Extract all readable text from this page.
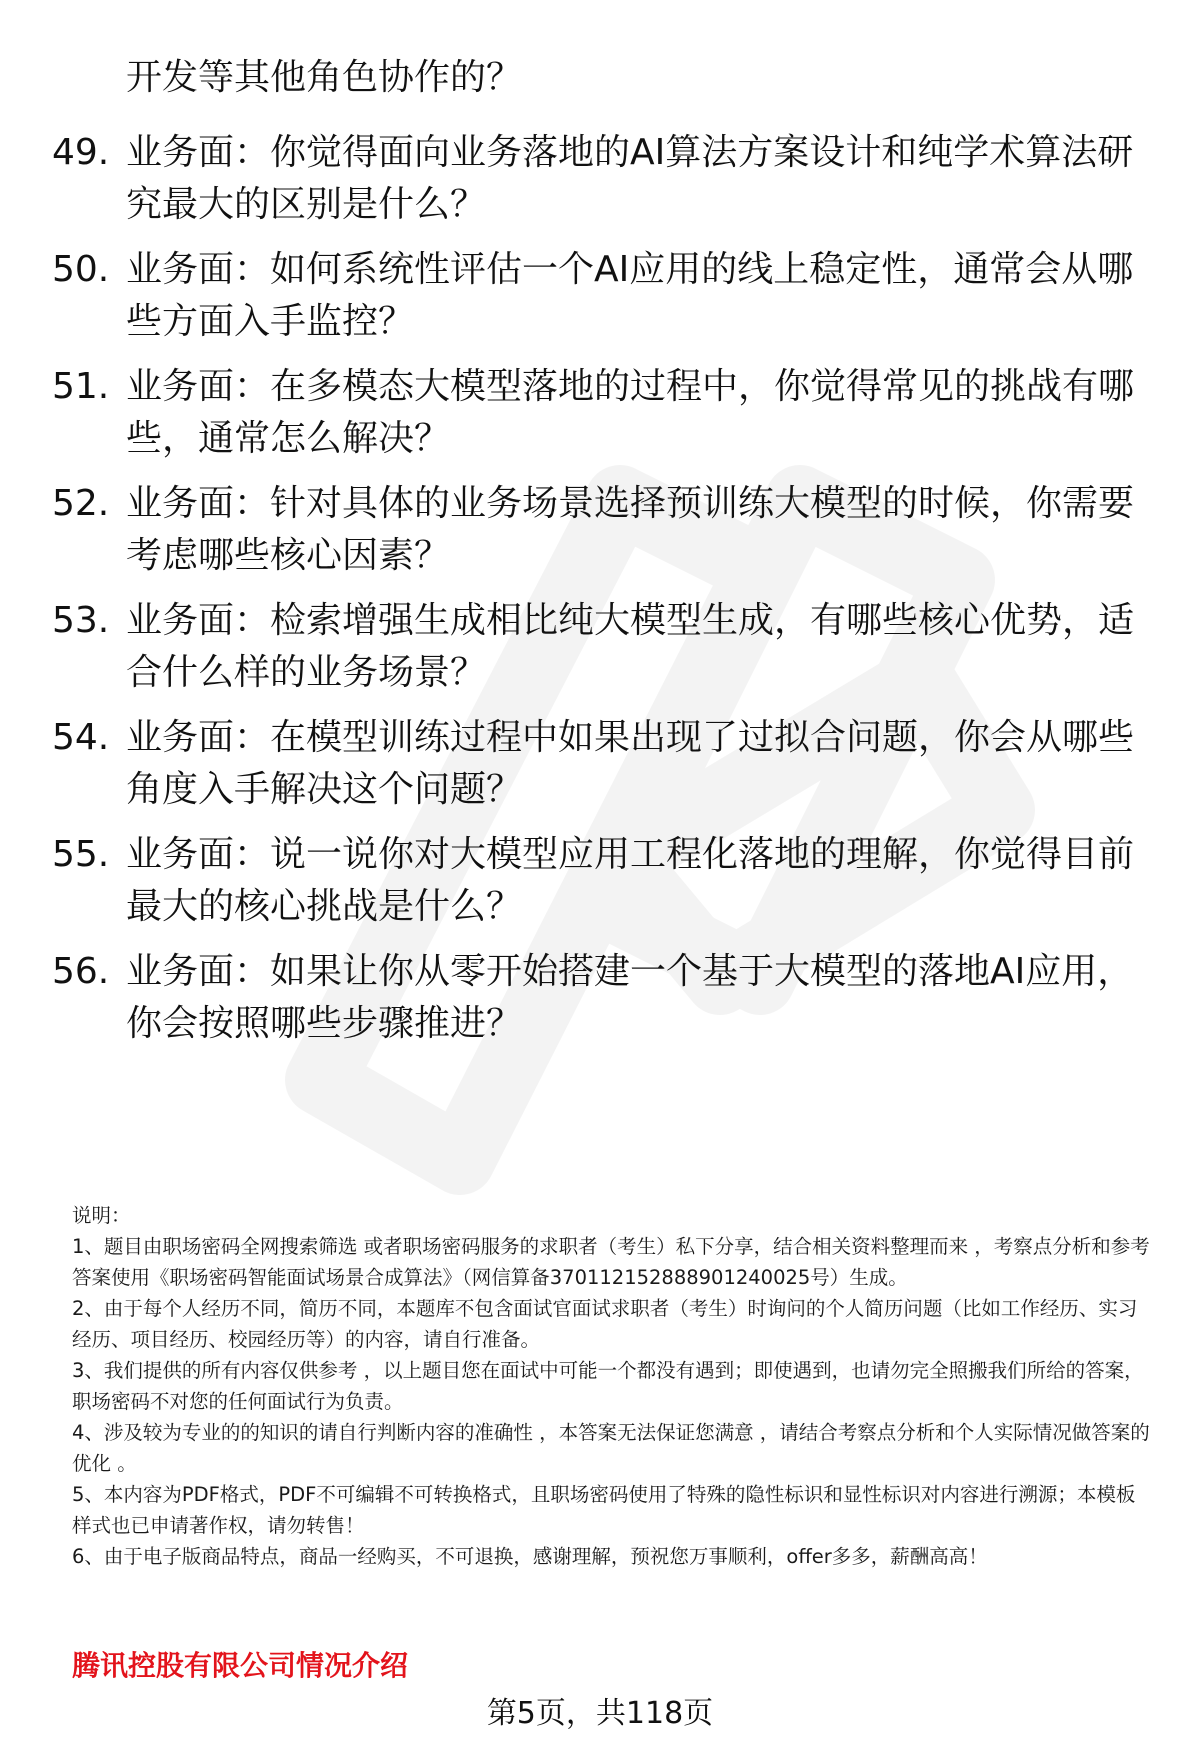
开发等其他角色协作的？
49. 业务面：你觉得面向业务落地的AI算法方案设计和纯学术算法研究最大的区别是什么？
50. 业务面：如何系统性评估一个AI应用的线上稳定性，通常会从哪些方面入手监控？
51. 业务面：在多模态大模型落地的过程中，你觉得常见的挑战有哪些，通常怎么解决？
52. 业务面：针对具体的业务场景选择预训练大模型的时候，你需要考虑哪些核心因素？
53. 业务面：检索增强生成相比纯大模型生成，有哪些核心优势，适合什么样的业务场景？
54. 业务面：在模型训练过程中如果出现了过拟合问题，你会从哪些角度入手解决这个问题？
55. 业务面：说一说你对大模型应用工程化落地的理解，你觉得目前最大的核心挑战是什么？
56. 业务面：如果让你从零开始搭建一个基于大模型的落地AI应用，你会按照哪些步骤推进？
说明：
1、题目由职场密码全网搜索筛选 或者职场密码服务的求职者（考生）私下分享，结合相关资料整理而来 ，考察点分析和参考答案使用《职场密码智能面试场景合成算法》（网信算备370112152888901240025号）生成。
2、由于每个人经历不同，简历不同，本题库不包含面试官面试求职者（考生）时询问的个人简历问题（比如工作经历、实习经历、项目经历、校园经历等）的内容，请自行准备。
3、我们提供的所有内容仅供参考 ，以上题目您在面试中可能一个都没有遇到；即使遇到，也请勿完全照搬我们所给的答案，职场密码不对您的任何面试行为负责。
4、涉及较为专业的的知识的请自行判断内容的准确性 ，本答案无法保证您满意 ，请结合考察点分析和个人实际情况做答案的优化 。
5、本内容为PDF格式，PDF不可编辑不可转换格式，且职场密码使用了特殊的隐性标识和显性标识对内容进行溯源；本模板样式也已申请著作权，请勿转售！
6、由于电子版商品特点，商品一经购买，不可退换，感谢理解，预祝您万事顺利，offer多多，薪酬高高！
腾讯控股有限公司情况介绍
第5页，共118页
